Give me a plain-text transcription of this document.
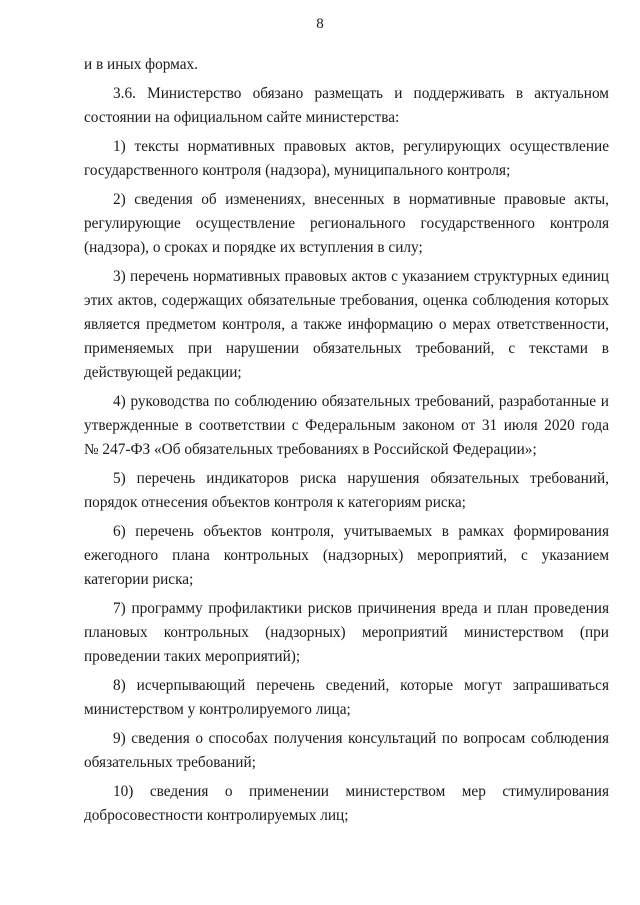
8
и в иных формах.
3.6. Министерство обязано размещать и поддерживать в актуальном
состоянии на официальном сайте министерства:
1) тексты нормативных правовых актов, регулирующих осуществление
государственного контроля (надзора), муниципального контроля;
2) сведения об изменениях, внесенных в нормативные правовые акты,
регулирующие осуществление регионального государственного контроля
(надзора), о сроках и порядке их вступления в силу;
3) перечень нормативных правовых актов с указанием структурных единиц
этих актов, содержащих обязательные требования, оценка соблюдения которых
является предметом контроля, а также информацию о мерах ответственности,
применяемых при нарушении обязательных требований, с текстами в
действующей редакции;
4) руководства по соблюдению обязательных требований, разработанные и
утвержденные в соответствии с Федеральным законом от 31 июля 2020 года
№ 247-ФЗ «Об обязательных требованиях в Российской Федерации»;
5) перечень индикаторов риска нарушения обязательных требований,
порядок отнесения объектов контроля к категориям риска;
6) перечень объектов контроля, учитываемых в рамках формирования
ежегодного плана контрольных (надзорных) мероприятий, с указанием
категории риска;
7) программу профилактики рисков причинения вреда и план проведения
плановых контрольных (надзорных) мероприятий министерством (при
проведении таких мероприятий);
8) исчерпывающий перечень сведений, которые могут запрашиваться
министерством у контролируемого лица;
9) сведения о способах получения консультаций по вопросам соблюдения
обязательных требований;
10) сведения о применении министерством мер стимулирования
добросовестности контролируемых лиц;
